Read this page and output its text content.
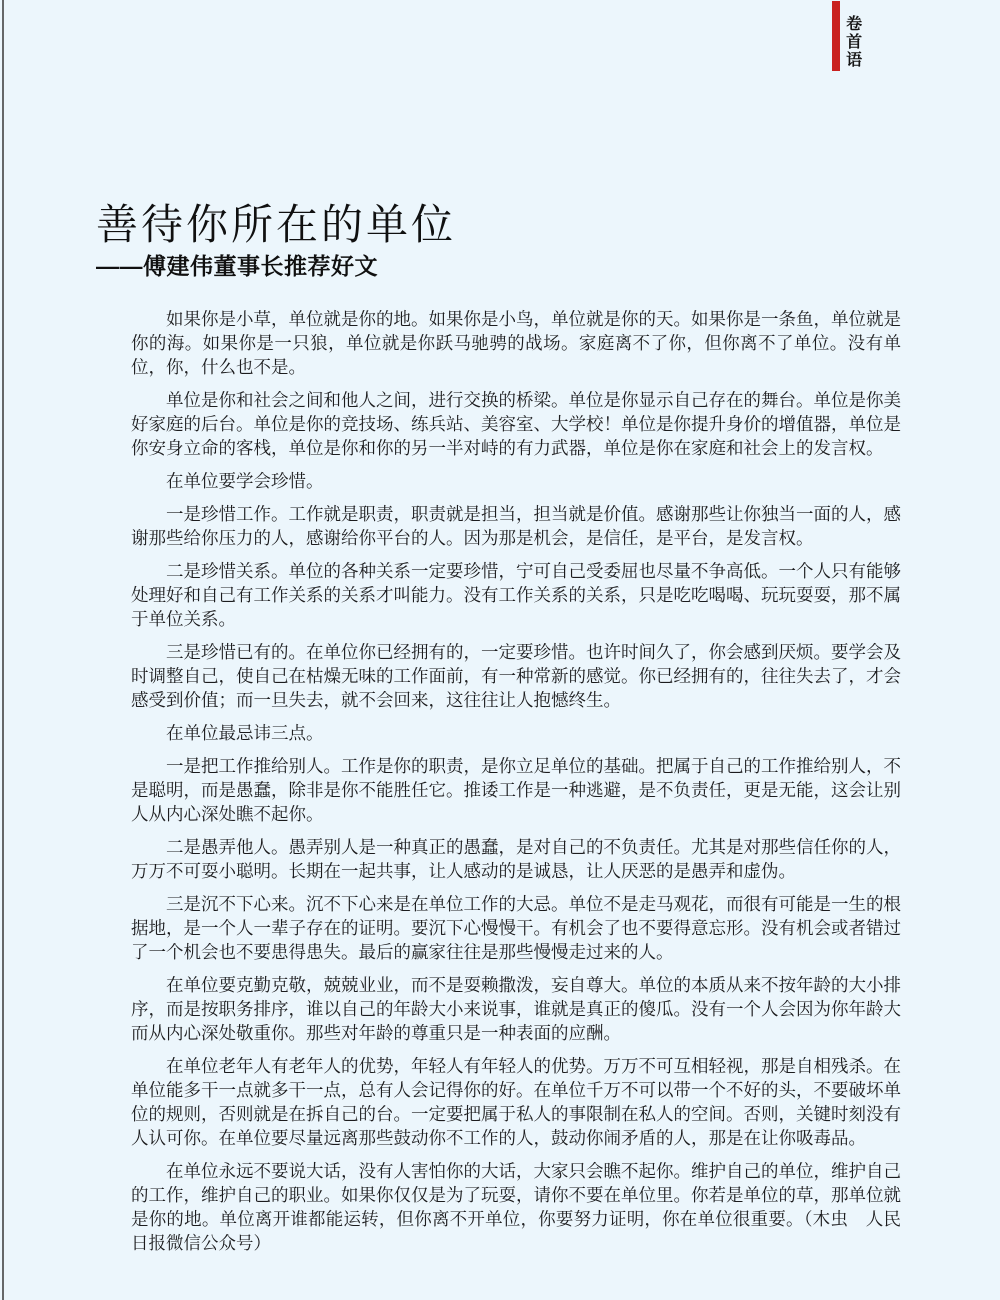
卷首语
善待你所在的单位
——傅建伟董事长推荐好文

如果你是小草，单位就是你的地。如果你是小鸟，单位就是你的天。如果你是一条鱼，单位就是你的海。如果你是一只狼，单位就是你跃马驰骋的战场。家庭离不了你，但你离不了单位。没有单位，你，什么也不是。

单位是你和社会之间和他人之间，进行交换的桥梁。单位是你显示自己存在的舞台。单位是你美好家庭的后台。单位是你的竞技场、练兵站、美容室、大学校！单位是你提升身价的增值器，单位是你安身立命的客栈，单位是你和你的另一半对峙的有力武器，单位是你在家庭和社会上的发言权。

在单位要学会珍惜。

一是珍惜工作。工作就是职责，职责就是担当，担当就是价值。感谢那些让你独当一面的人，感谢那些给你压力的人，感谢给你平台的人。因为那是机会，是信任，是平台，是发言权。

二是珍惜关系。单位的各种关系一定要珍惜，宁可自己受委屈也尽量不争高低。一个人只有能够处理好和自己有工作关系的关系才叫能力。没有工作关系的关系，只是吃吃喝喝、玩玩耍耍，那不属于单位关系。

三是珍惜已有的。在单位你已经拥有的，一定要珍惜。也许时间久了，你会感到厌烦。要学会及时调整自己，使自己在枯燥无味的工作面前，有一种常新的感觉。你已经拥有的，往往失去了，才会感受到价值；而一旦失去，就不会回来，这往往让人抱憾终生。

在单位最忌讳三点。

一是把工作推给别人。工作是你的职责，是你立足单位的基础。把属于自己的工作推给别人，不是聪明，而是愚蠢，除非是你不能胜任它。推诿工作是一种逃避，是不负责任，更是无能，这会让别人从内心深处瞧不起你。

二是愚弄他人。愚弄别人是一种真正的愚蠢，是对自己的不负责任。尤其是对那些信任你的人，万万不可耍小聪明。长期在一起共事，让人感动的是诚恳，让人厌恶的是愚弄和虚伪。

三是沉不下心来。沉不下心来是在单位工作的大忌。单位不是走马观花，而很有可能是一生的根据地，是一个人一辈子存在的证明。要沉下心慢慢干。有机会了也不要得意忘形。没有机会或者错过了一个机会也不要患得患失。最后的赢家往往是那些慢慢走过来的人。

在单位要克勤克敬，兢兢业业，而不是耍赖撒泼，妄自尊大。单位的本质从来不按年龄的大小排序，而是按职务排序，谁以自己的年龄大小来说事，谁就是真正的傻瓜。没有一个人会因为你年龄大而从内心深处敬重你。那些对年龄的尊重只是一种表面的应酬。

在单位老年人有老年人的优势，年轻人有年轻人的优势。万万不可互相轻视，那是自相残杀。在单位能多干一点就多干一点，总有人会记得你的好。在单位千万不可以带一个不好的头，不要破坏单位的规则，否则就是在拆自己的台。一定要把属于私人的事限制在私人的空间。否则，关键时刻没有人认可你。在单位要尽量远离那些鼓动你不工作的人，鼓动你闹矛盾的人，那是在让你吸毒品。

在单位永远不要说大话，没有人害怕你的大话，大家只会瞧不起你。维护自己的单位，维护自己的工作，维护自己的职业。如果你仅仅是为了玩耍，请你不要在单位里。你若是单位的草，那单位就是你的地。单位离开谁都能运转，但你离不开单位，你要努力证明，你在单位很重要。（木虫　人民日报微信公众号）
